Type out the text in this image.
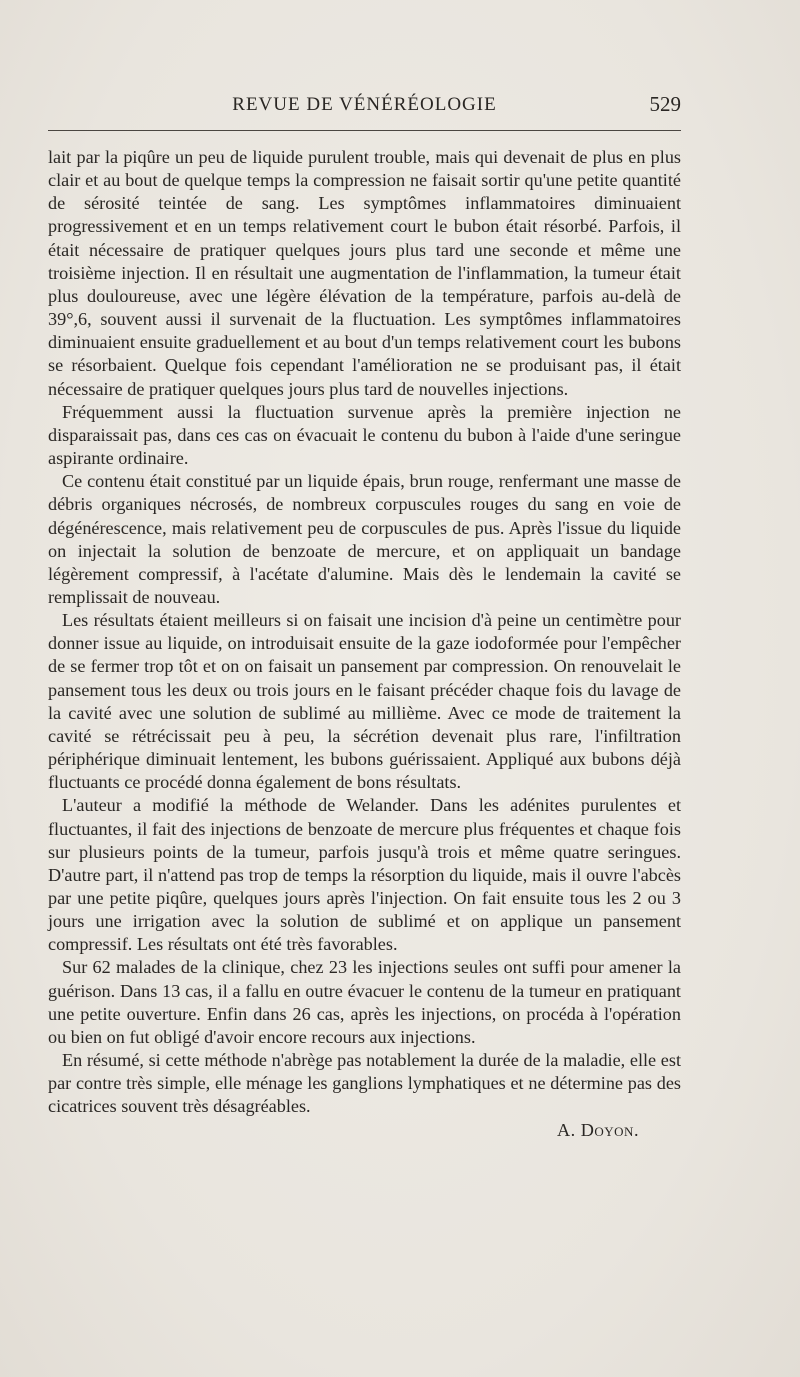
REVUE DE VÉNÉRÉOLOGIE	529

lait par la piqûre un peu de liquide purulent trouble, mais qui devenait de plus en plus clair et au bout de quelque temps la compression ne faisait sortir qu'une petite quantité de sérosité teintée de sang. Les symptômes inflammatoires diminuaient progressivement et en un temps relativement court le bubon était résorbé. Parfois, il était nécessaire de pratiquer quelques jours plus tard une seconde et même une troisième injection. Il en résultait une augmentation de l'inflammation, la tumeur était plus douloureuse, avec une légère élévation de la température, parfois au-delà de 39°,6, souvent aussi il survenait de la fluctuation. Les symptômes inflammatoires diminuaient ensuite graduellement et au bout d'un temps relativement court les bubons se résorbaient. Quelque fois cependant l'amélioration ne se produisant pas, il était nécessaire de pratiquer quelques jours plus tard de nouvelles injections.

Fréquemment aussi la fluctuation survenue après la première injection ne disparaissait pas, dans ces cas on évacuait le contenu du bubon à l'aide d'une seringue aspirante ordinaire.

Ce contenu était constitué par un liquide épais, brun rouge, renfermant une masse de débris organiques nécrosés, de nombreux corpuscules rouges du sang en voie de dégénérescence, mais relativement peu de corpuscules de pus. Après l'issue du liquide on injectait la solution de benzoate de mercure, et on appliquait un bandage légèrement compressif, à l'acétate d'alumine. Mais dès le lendemain la cavité se remplissait de nouveau.

Les résultats étaient meilleurs si on faisait une incision d'à peine un centimètre pour donner issue au liquide, on introduisait ensuite de la gaze iodoformée pour l'empêcher de se fermer trop tôt et on on faisait un pansement par compression. On renouvelait le pansement tous les deux ou trois jours en le faisant précéder chaque fois du lavage de la cavité avec une solution de sublimé au millième. Avec ce mode de traitement la cavité se rétrécissait peu à peu, la sécrétion devenait plus rare, l'infiltration périphérique diminuait lentement, les bubons guérissaient. Appliqué aux bubons déjà fluctuants ce procédé donna également de bons résultats.

L'auteur a modifié la méthode de Welander. Dans les adénites purulentes et fluctuantes, il fait des injections de benzoate de mercure plus fréquentes et chaque fois sur plusieurs points de la tumeur, parfois jusqu'à trois et même quatre seringues. D'autre part, il n'attend pas trop de temps la résorption du liquide, mais il ouvre l'abcès par une petite piqûre, quelques jours après l'injection. On fait ensuite tous les 2 ou 3 jours une irrigation avec la solution de sublimé et on applique un pansement compressif. Les résultats ont été très favorables.

Sur 62 malades de la clinique, chez 23 les injections seules ont suffi pour amener la guérison. Dans 13 cas, il a fallu en outre évacuer le contenu de la tumeur en pratiquant une petite ouverture. Enfin dans 26 cas, après les injections, on procéda à l'opération ou bien on fut obligé d'avoir encore recours aux injections.

En résumé, si cette méthode n'abrège pas notablement la durée de la maladie, elle est par contre très simple, elle ménage les ganglions lymphatiques et ne détermine pas des cicatrices souvent très désagréables.

A. Doyon.
